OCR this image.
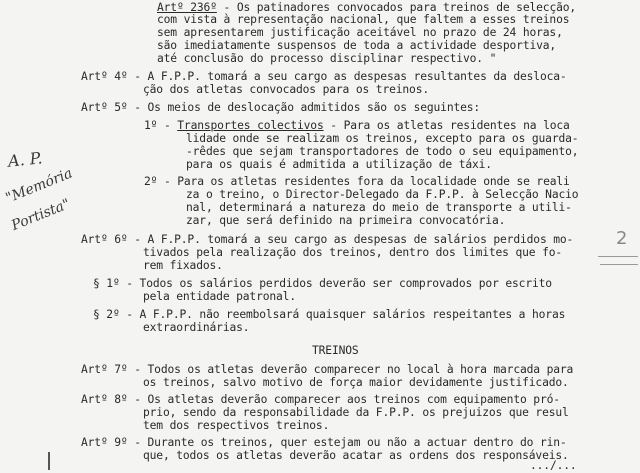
Artº 236º - Os patinadores convocados para treinos de selecção,
com vista à representação nacional, que faltem a esses treinos
sem apresentarem justificação aceitável no prazo de 24 horas,
são imediatamente suspensos de toda a actividade desportiva,
até conclusão do processo disciplinar respectivo. "
Artº 4º - A F.P.P. tomará a seu cargo as despesas resultantes da desloca-
ção dos atletas convocados para os treinos.
Artº 5º - Os meios de deslocação admitidos são os seguintes:
1º - Transportes colectivos - Para os atletas residentes na loca
lidade onde se realizam os treinos, excepto para os guarda-
-rêdes que sejam transportadores de todo o seu equipamento,
para os quais é admitida a utilização de táxi.
2º - Para os atletas residentes fora da localidade onde se reali
za o treino, o Director-Delegado da F.P.P. à Selecção Nacio
nal, determinará a natureza do meio de transporte a utili-
zar, que será definido na primeira convocatória.
Artº 6º - A F.P.P. tomará a seu cargo as despesas de salários perdidos mo-
tivados pela realização dos treinos, dentro dos limites que fo-
rem fixados.
§ 1º - Todos os salários perdidos deverão ser comprovados por escrito
pela entidade patronal.
§ 2º - A F.P.P. não reembolsará quaisquer salários respeitantes a horas
extraordinárias.
TREINOS
Artº 7º - Todos os atletas deverão comparecer no local à hora marcada para
os treinos, salvo motivo de força maior devidamente justificado.
Artº 8º - Os atletas deverão comparecer aos treinos com equipamento pró-
prio, sendo da responsabilidade da F.P.P. os prejuizos que resul
tem dos respectivos treinos.
Artº 9º - Durante os treinos, quer estejam ou não a actuar dentro do rin-
que, todos os atletas deverão acatar as ordens dos responsáveis.
.../...
A. P.
"Memória
Portista"
2
